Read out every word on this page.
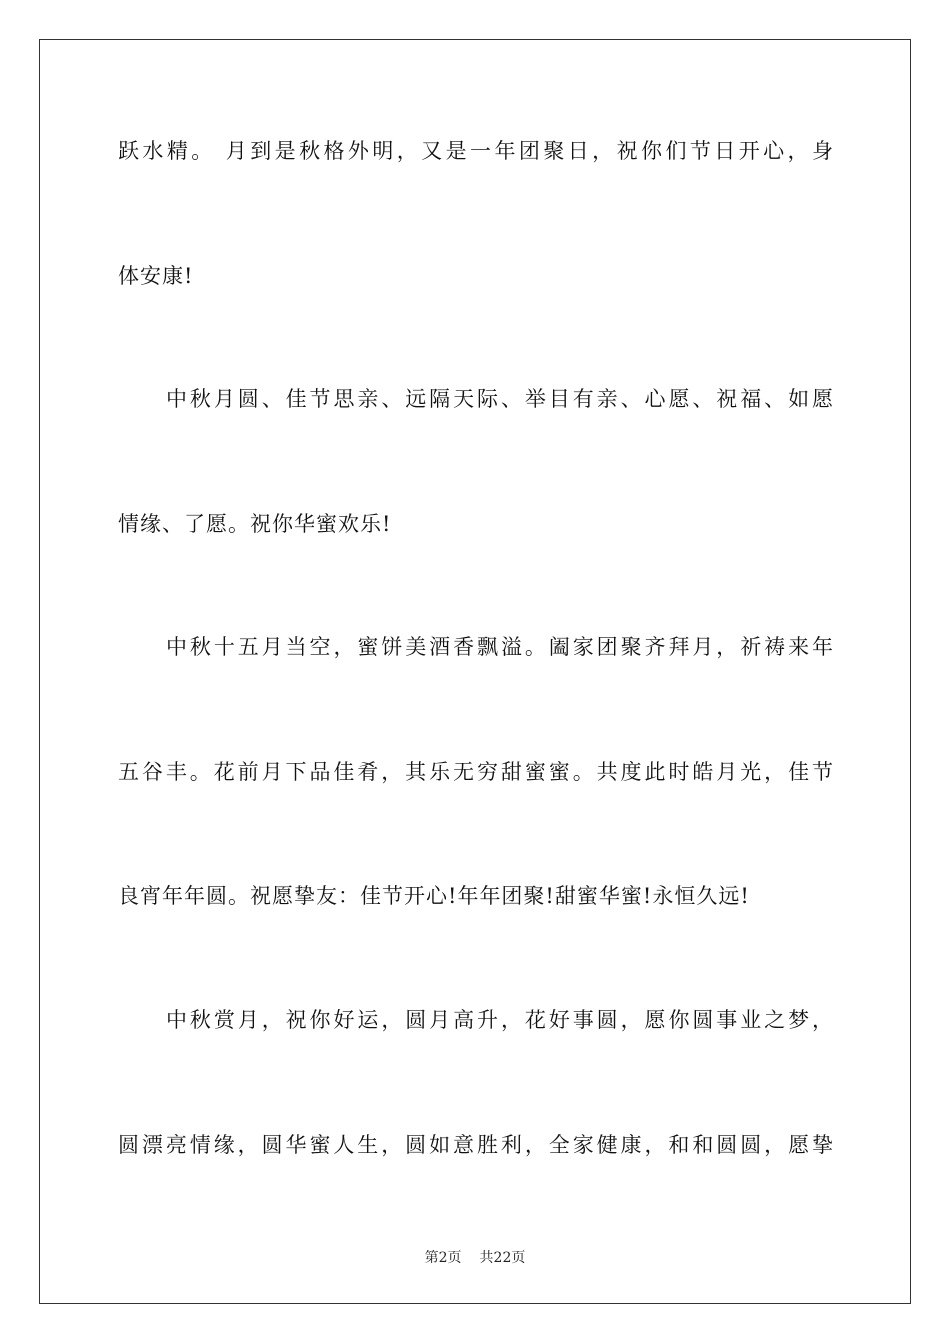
跃水精。 月到是秋格外明，又是一年团聚日，祝你们节日开心，身
体安康!
中秋月圆、佳节思亲、远隔天际、举目有亲、心愿、祝福、如愿
情缘、了愿。祝你华蜜欢乐!
中秋十五月当空，蜜饼美酒香飘溢。阖家团聚齐拜月，祈祷来年
五谷丰。花前月下品佳肴，其乐无穷甜蜜蜜。共度此时皓月光，佳节
良宵年年圆。祝愿挚友：佳节开心!年年团聚!甜蜜华蜜!永恒久远!
中秋赏月，祝你好运，圆月高升，花好事圆，愿你圆事业之梦，
圆漂亮情缘，圆华蜜人生，圆如意胜利，全家健康，和和圆圆，愿挚
第2页 共22页
